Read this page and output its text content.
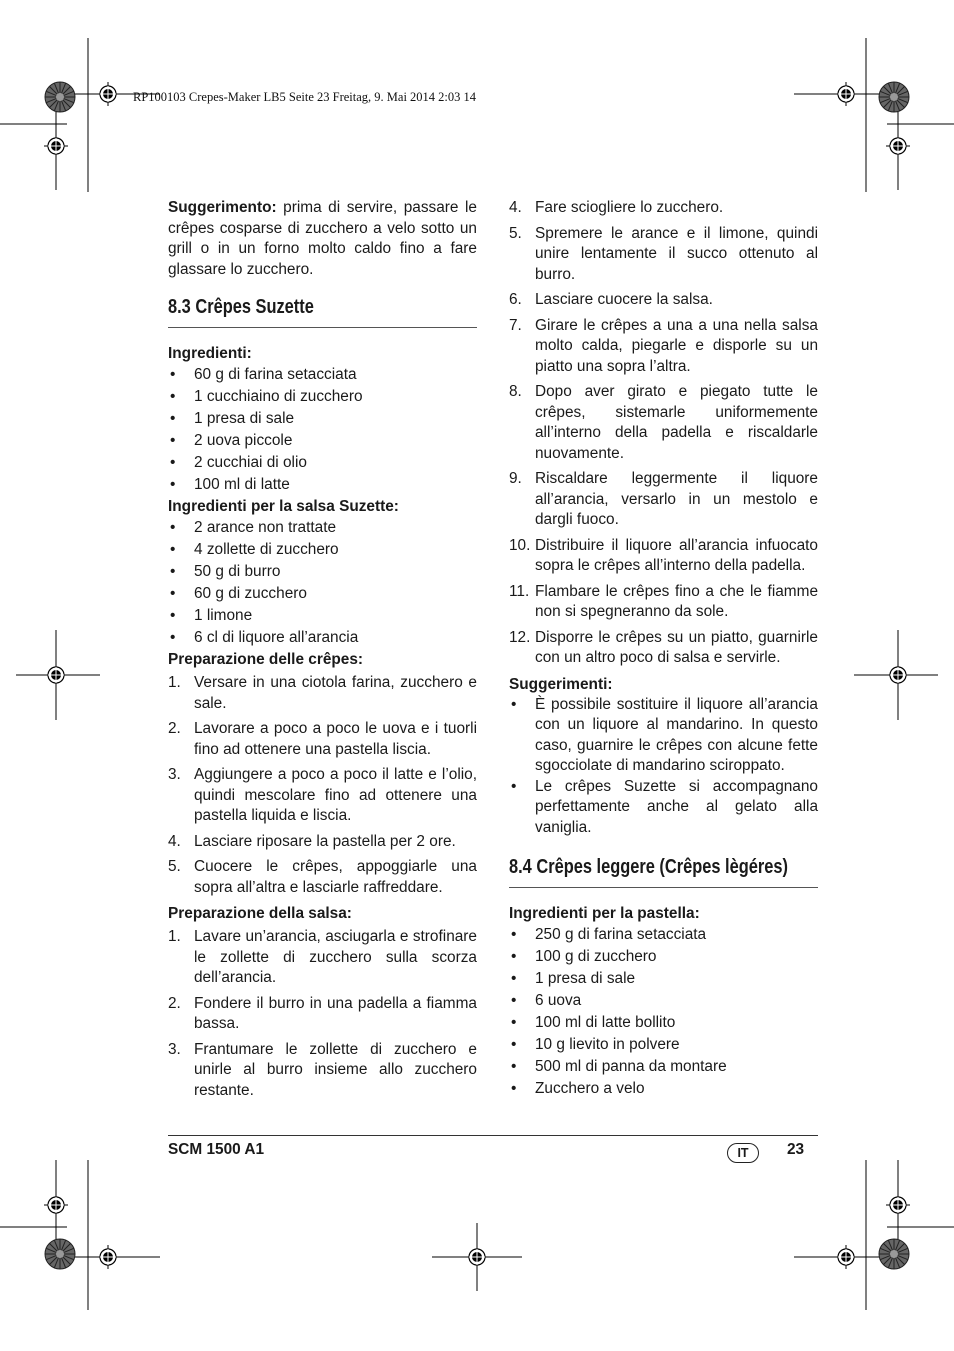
RP100103 Crepes-Maker LB5 Seite 23 Freitag, 9. Mai 2014 2:03 14

Suggerimento: prima di servire, passare le crêpes cosparse di zucchero a velo sotto un grill o in un forno molto caldo fino a fare glassare lo zucchero.

8.3 Crêpes Suzette
Ingredienti:
• 60 g di farina setacciata
• 1 cucchiaino di zucchero
• 1 presa di sale
• 2 uova piccole
• 2 cucchiai di olio
• 100 ml di latte
Ingredienti per la salsa Suzette:
• 2 arance non trattate
• 4 zollette di zucchero
• 50 g di burro
• 60 g di zucchero
• 1 limone
• 6 cl di liquore all’arancia
Preparazione delle crêpes:
1. Versare in una ciotola farina, zucchero e sale.
2. Lavorare a poco a poco le uova e i tuorli fino ad ottenere una pastella liscia.
3. Aggiungere a poco a poco il latte e l’olio, quindi mescolare fino ad ottenere una pastella liquida e liscia.
4. Lasciare riposare la pastella per 2 ore.
5. Cuocere le crêpes, appoggiarle una sopra all’altra e lasciarle raffreddare.
Preparazione della salsa:
1. Lavare un’arancia, asciugarla e strofinare le zollette di zucchero sulla scorza dell’arancia.
2. Fondere il burro in una padella a fiamma bassa.
3. Frantumare le zollette di zucchero e unirle al burro insieme allo zucchero restante.
4. Fare sciogliere lo zucchero.
5. Spremere le arance e il limone, quindi unire lentamente il succo ottenuto al burro.
6. Lasciare cuocere la salsa.
7. Girare le crêpes a una a una nella salsa molto calda, piegarle e disporle su un piatto una sopra l’altra.
8. Dopo aver girato e piegato tutte le crêpes, sistemarle uniformemente all’interno della padella e riscaldarle nuovamente.
9. Riscaldare leggermente il liquore all’arancia, versarlo in un mestolo e dargli fuoco.
10. Distribuire il liquore all’arancia infuocato sopra le crêpes all’interno della padella.
11. Flambare le crêpes fino a che le fiamme non si spegneranno da sole.
12. Disporre le crêpes su un piatto, guarnirle con un altro poco di salsa e servirle.
Suggerimenti:
• È possibile sostituire il liquore all’arancia con un liquore al mandarino. In questo caso, guarnire le crêpes con alcune fette sgocciolate di mandarino sciroppato.
• Le crêpes Suzette si accompagnano perfettamente anche al gelato alla vaniglia.
8.4 Crêpes leggere (Crêpes lègéres)
Ingredienti per la pastella:
• 250 g di farina setacciata
• 100 g di zucchero
• 1 presa di sale
• 6 uova
• 100 ml di latte bollito
• 10 g lievito in polvere
• 500 ml di panna da montare
• Zucchero a velo
SCM 1500 A1	IT	23
